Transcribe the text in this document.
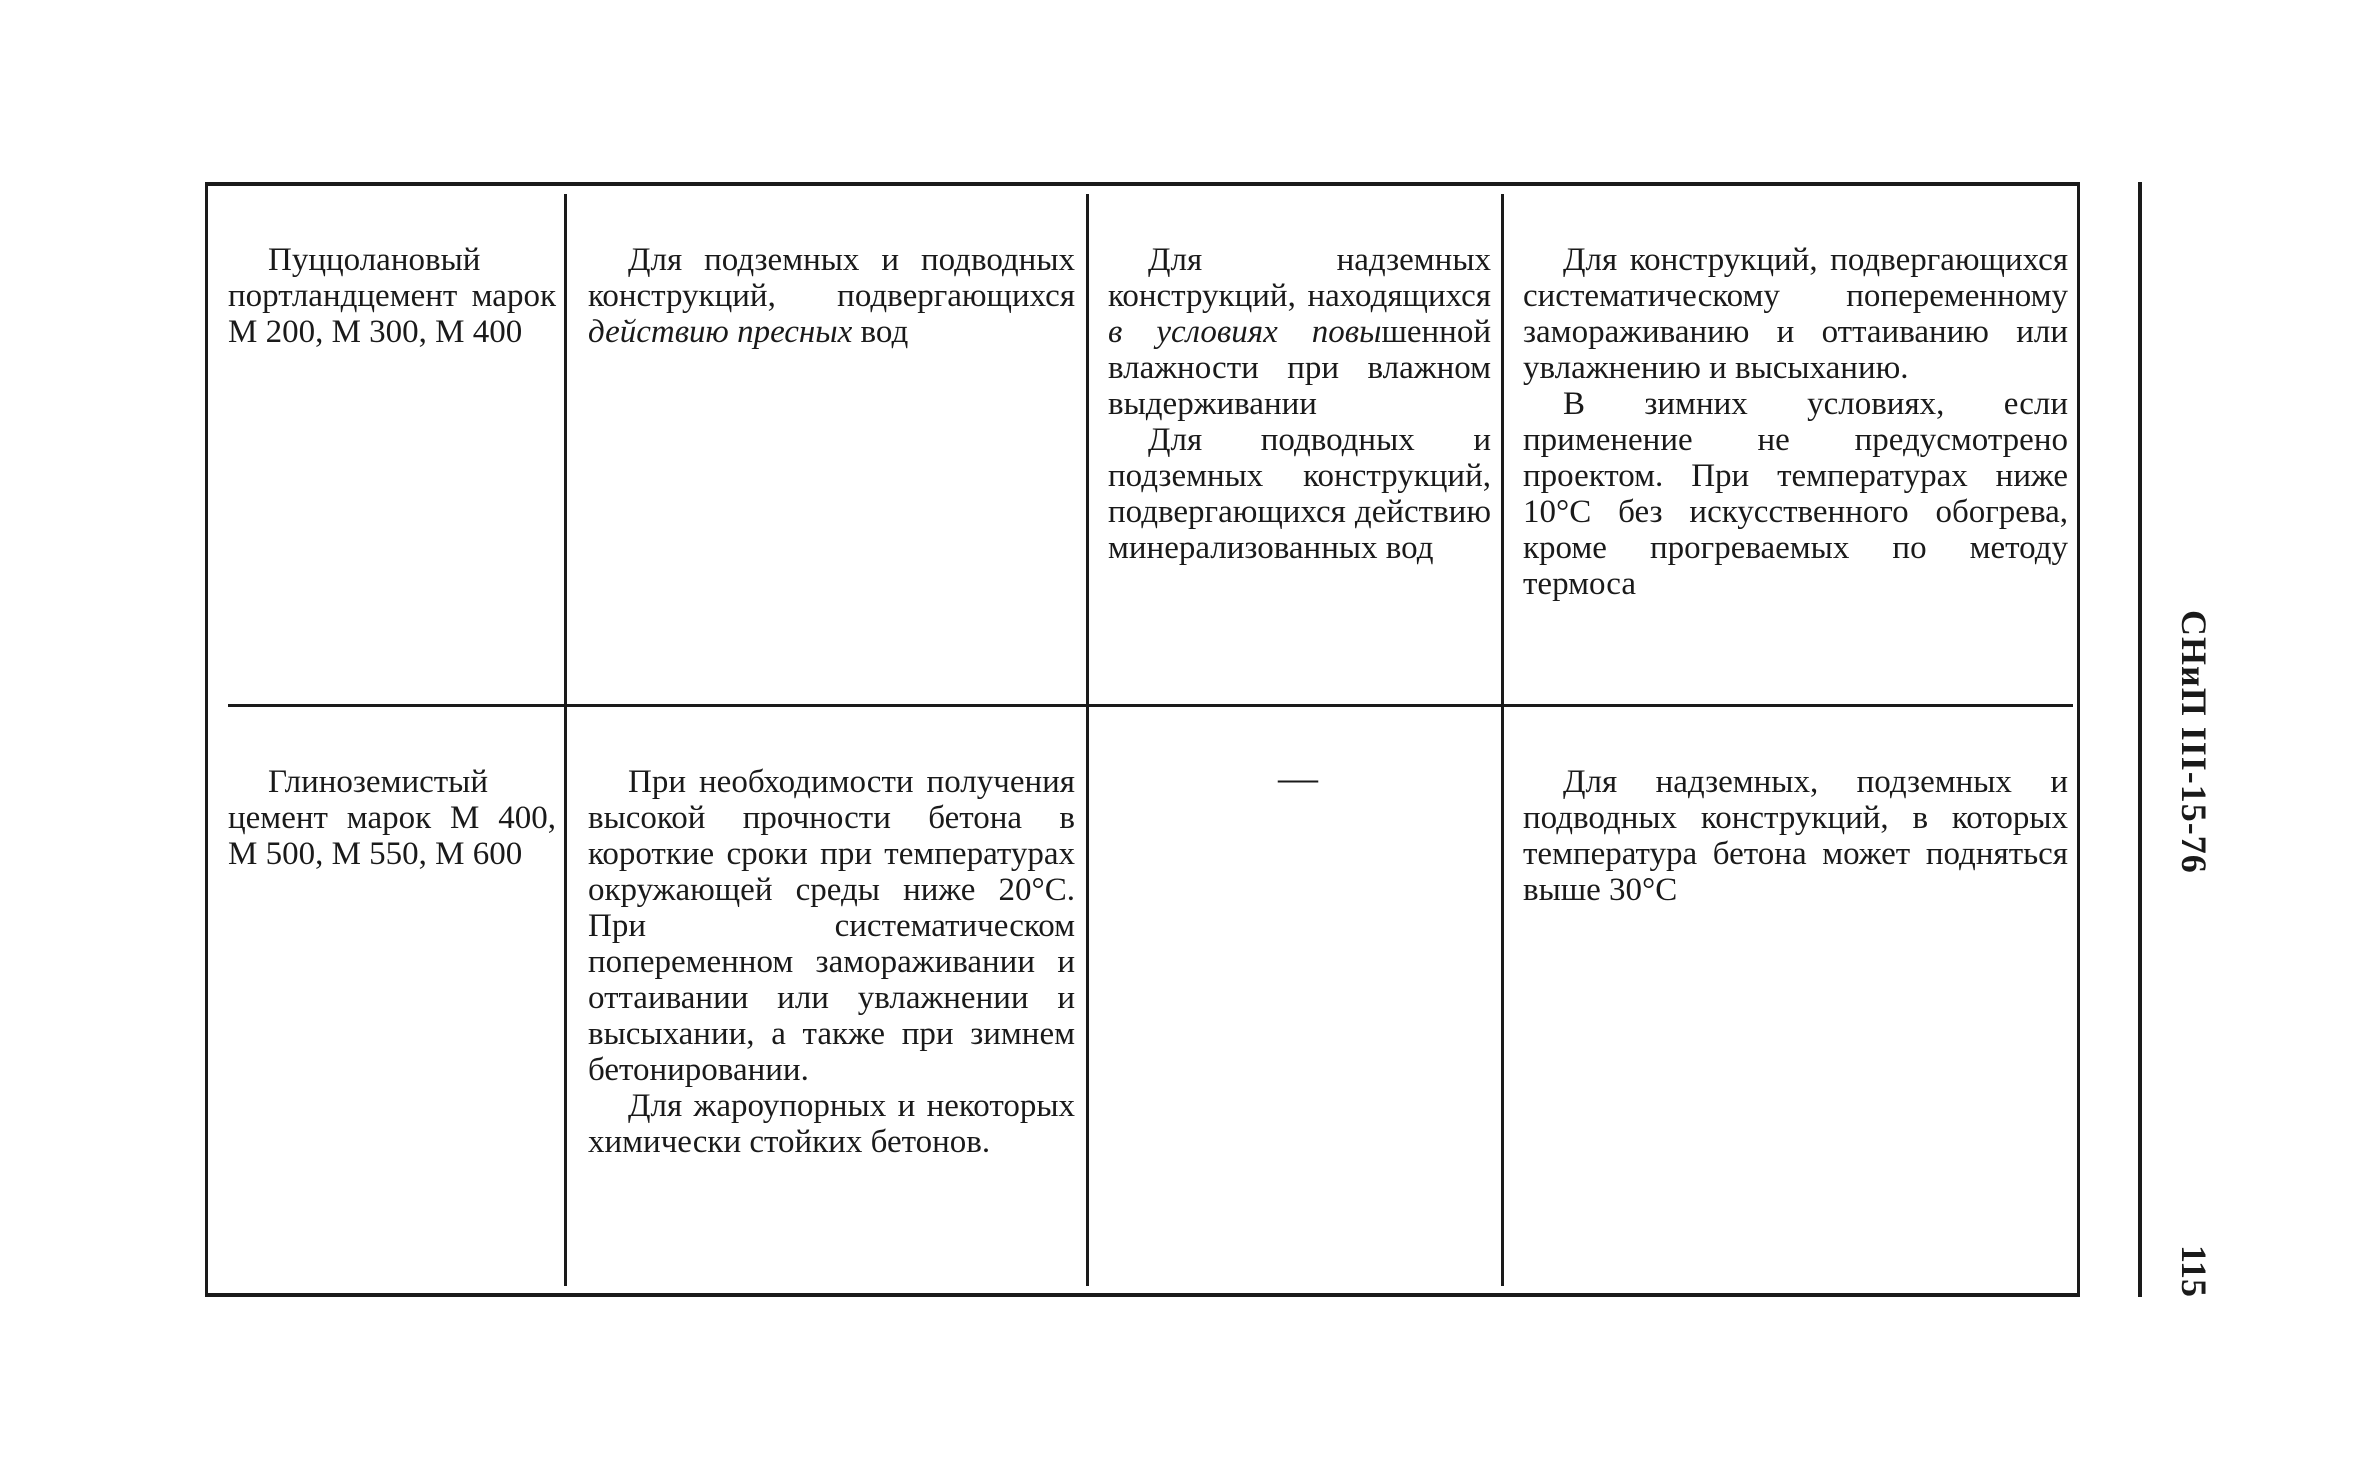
Пуццолановый портландцемент марок М 200, М 300, М 400

Для подземных и подводных конструкций, подвергающихся действию пресных вод

Для надземных конструкций, находящихся в условиях повышенной влажности при влажном выдерживании

Для подводных и подземных конструкций, подвергающихся действию минерализованных вод

Для конструкций, подвергающихся систематическому попеременному замораживанию и оттаиванию или увлажнению и высыханию.

В зимних условиях, если применение не предусмотрено проектом. При температурах ниже 10°С без искусственного обогрева, кроме прогреваемых по методу термоса

Глиноземистый цемент марок М 400, М 500, М 550, М 600

При необходимости получения высокой прочности бетона в короткие сроки при температурах окружающей среды ниже 20°С. При систематическом попеременном замораживании и оттаивании или увлажнении и высыхании, а также при зимнем бетонировании.

Для жароупорных и некоторых химически стойких бетонов.

—	Для надземных, подземных и подводных конструкций, в которых температура бетона может подняться выше 30°С

СНиП III-15-76
115
